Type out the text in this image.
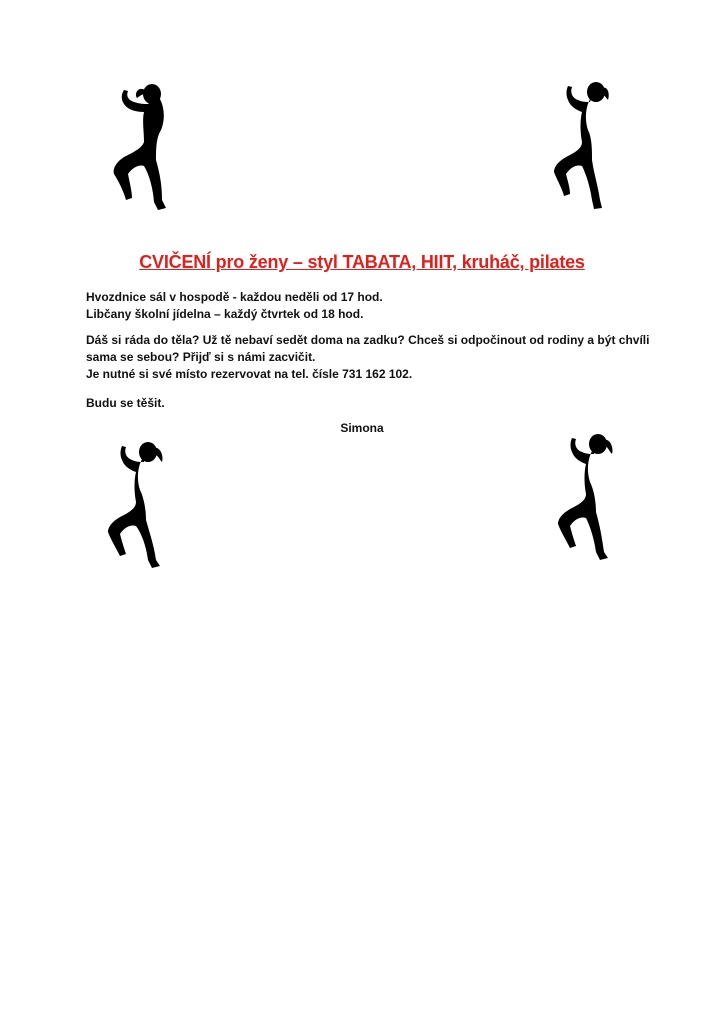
CVIČENÍ pro ženy – styl TABATA, HIIT, kruháč, pilates
Hvozdnice sál v hospodě - každou neděli od 17 hod.
Libčany školní jídelna – každý čtvrtek od 18 hod.
Dáš si ráda do těla? Už tě nebaví sedět doma na zadku? Chceš si odpočinout od rodiny a být chvíli
sama se sebou? Přijď si s námi zacvičit.
Je nutné si své místo rezervovat na tel. čísle 731 162 102.
Budu se těšit.
Simona
